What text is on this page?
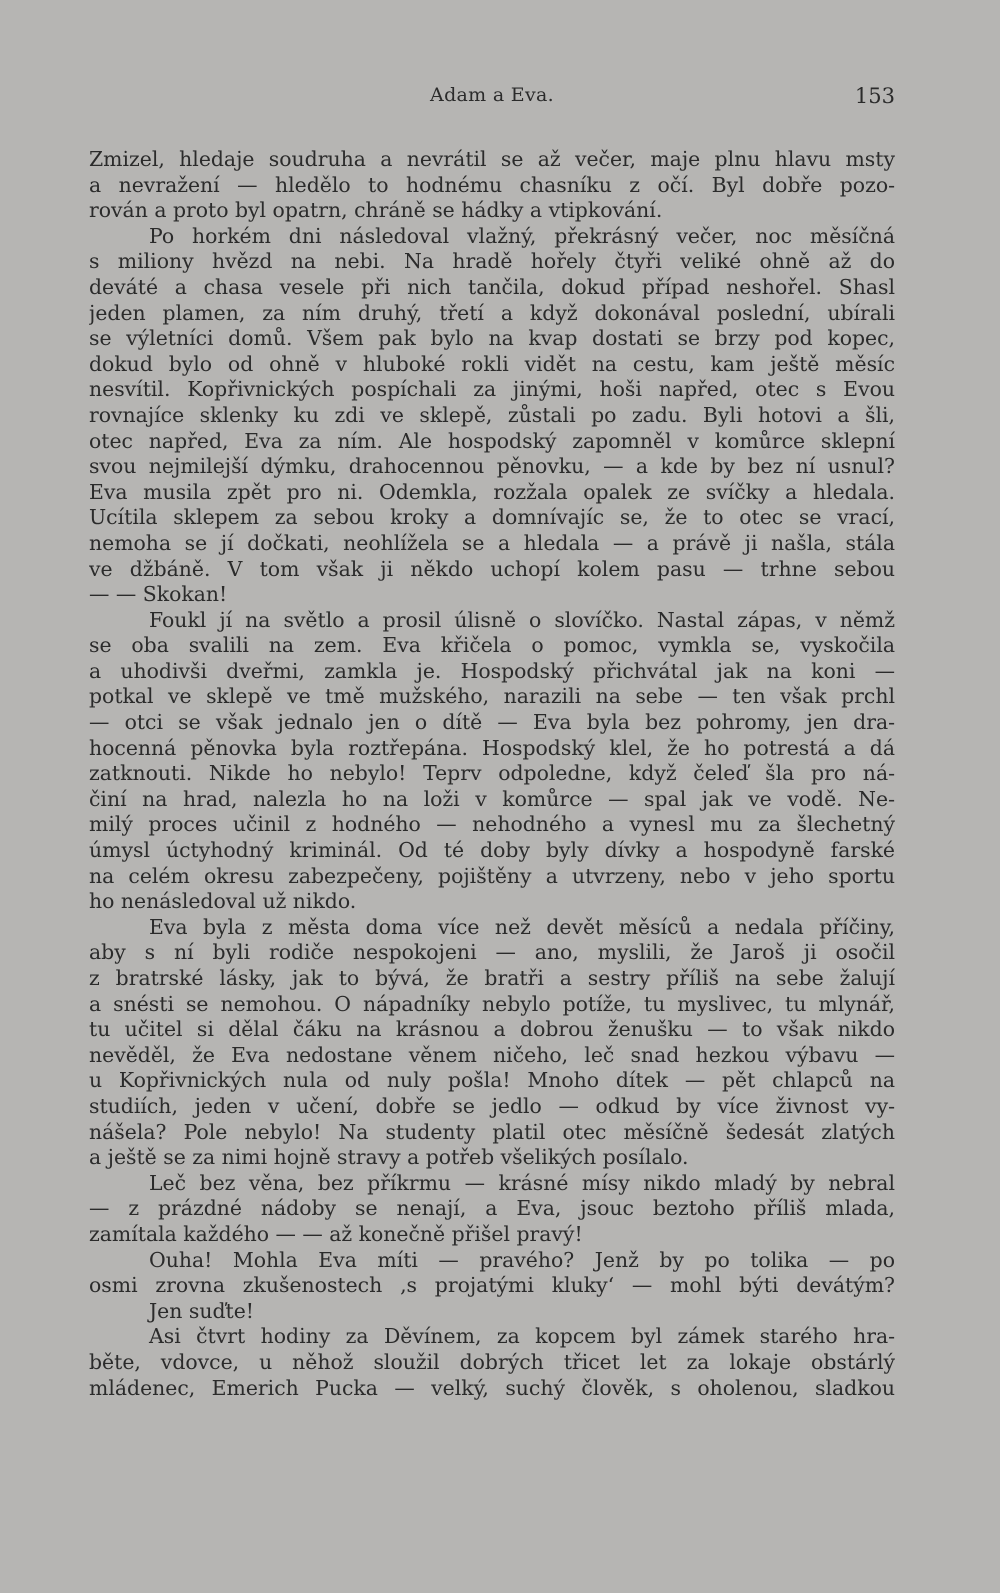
Adam a Eva.	153
Zmizel, hledaje soudruha a nevrátil se až večer, maje plnu hlavu msty
a nevražení — hledělo to hodnému chasníku z očí. Byl dobře pozo-
rován a proto byl opatrn, chráně se hádky a vtipkování.
Po horkém dni následoval vlažný, překrásný večer, noc měsíčná
s miliony hvězd na nebi. Na hradě hořely čtyři veliké ohně až do
deváté a chasa vesele při nich tančila, dokud případ neshořel. Shasl
jeden plamen, za ním druhý, třetí a když dokonával poslední, ubírali
se výletníci domů. Všem pak bylo na kvap dostati se brzy pod kopec,
dokud bylo od ohně v hluboké rokli vidět na cestu, kam ještě měsíc
nesvítil. Kopřivnických pospíchali za jinými, hoši napřed, otec s Evou
rovnajíce sklenky ku zdi ve sklepě, zůstali po zadu. Byli hotovi a šli,
otec napřed, Eva za ním. Ale hospodský zapomněl v komůrce sklepní
svou nejmilejší dýmku, drahocennou pěnovku, — a kde by bez ní usnul?
Eva musila zpět pro ni. Odemkla, rozžala opalek ze svíčky a hledala.
Ucítila sklepem za sebou kroky a domnívajíc se, že to otec se vrací,
nemoha se jí dočkati, neohlížela se a hledala — a právě ji našla, stála
ve džbáně. V tom však ji někdo uchopí kolem pasu — trhne sebou
— — Skokan!
Foukl jí na světlo a prosil úlisně o slovíčko. Nastal zápas, v němž
se oba svalili na zem. Eva křičela o pomoc, vymkla se, vyskočila
a uhodivši dveřmi, zamkla je. Hospodský přichvátal jak na koni —
potkal ve sklepě ve tmě mužského, narazili na sebe — ten však prchl
— otci se však jednalo jen o dítě — Eva byla bez pohromy, jen dra-
hocenná pěnovka byla roztřepána. Hospodský klel, že ho potrestá a dá
zatknouti. Nikde ho nebylo! Teprv odpoledne, když čeleď šla pro ná-
činí na hrad, nalezla ho na loži v komůrce — spal jak ve vodě. Ne-
milý proces učinil z hodného — nehodného a vynesl mu za šlechetný
úmysl úctyhodný kriminál. Od té doby byly dívky a hospodyně farské
na celém okresu zabezpečeny, pojištěny a utvrzeny, nebo v jeho sportu
ho nenásledoval už nikdo.
Eva byla z města doma více než devět měsíců a nedala příčiny,
aby s ní byli rodiče nespokojeni — ano, myslili, že Jaroš ji osočil
z bratrské lásky, jak to bývá, že bratři a sestry příliš na sebe žalují
a snésti se nemohou. O nápadníky nebylo potíže, tu myslivec, tu mlynář,
tu učitel si dělal čáku na krásnou a dobrou ženušku — to však nikdo
nevěděl, že Eva nedostane věnem ničeho, leč snad hezkou výbavu —
u Kopřivnických nula od nuly pošla! Mnoho dítek — pět chlapců na
studiích, jeden v učení, dobře se jedlo — odkud by více živnost vy-
nášela? Pole nebylo! Na studenty platil otec měsíčně šedesát zlatých
a ještě se za nimi hojně stravy a potřeb všelikých posílalo.
Leč bez věna, bez příkrmu — krásné mísy nikdo mladý by nebral
— z prázdné nádoby se nenají, a Eva, jsouc beztoho příliš mlada,
zamítala každého — — až konečně přišel pravý!
Ouha! Mohla Eva míti — pravého? Jenž by po tolika — po
osmi zrovna zkušenostech ‚s projatými kluky‘ — mohl býti devátým?
Jen suďte!
Asi čtvrt hodiny za Děvínem, za kopcem byl zámek starého hra-
běte, vdovce, u něhož sloužil dobrých třicet let za lokaje obstárlý
mládenec, Emerich Pucka — velký, suchý člověk, s oholenou, sladkou
